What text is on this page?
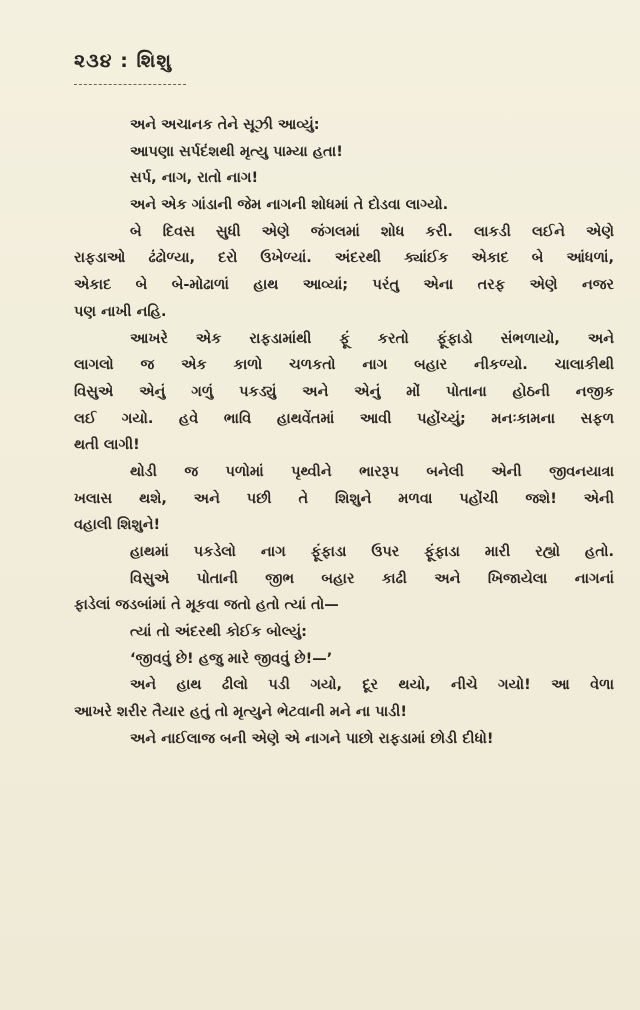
૨૩૪ : શિશુ
અને અચાનક તેને સૂઝી આવ્યું:
આપણા સર્પદંશથી મૃત્યુ પામ્યા હતા!
સર્પ, નાગ, રાતો નાગ!
અને એક ગાંડાની જેમ નાગની શોધમાં તે દોડવા લાગ્યો.
બે દિવસ સુધી એણે જંગલમાં શોધ કરી. લાકડી લઈને એણે
રાફડાઓ ઢંઢોળ્યા, દરો ઉખેળ્યાં. અંદરથી ક્યાંઈક એકાદ બે આંધળાં,
એકાદ બે બે-મોઢાળાં હાથ આવ્યાં; પરંતુ એના તરફ એણે નજર
પણ નાખી નહિ.
આખરે એક રાફડામાંથી ફૂં કરતો ફૂંફાડો સંભળાયો, અને
લાગલો જ એક કાળો ચળકતો નાગ બહાર નીકળ્યો. ચાલાકીથી
વિસુએ એનું ગળું પકડ્યું અને એનું મોં પોતાના હોઠની નજીક
લઈ ગયો. હવે ભાવિ હાથવેંતમાં આવી પહોંચ્યું; મનઃકામના સફળ
થતી લાગી!
થોડી જ પળોમાં પૃથ્વીને ભારરૂપ બનેલી એની જીવનયાત્રા
ખલાસ થશે, અને પછી તે શિશુને મળવા પહોંચી જશે! એની
વહાલી શિશુને!
હાથમાં પકડેલો નાગ ફૂંફાડા ઉપર ફૂંફાડા મારી રહ્યો હતો.
વિસુએ પોતાની જીભ બહાર કાઢી અને ખિજાયેલા નાગનાં
ફાડેલાં જડબાંમાં તે મૂકવા જતો હતો ત્યાં તો—
ત્યાં તો અંદરથી કોઈક બોલ્યું:
‘જીવવું છે! હજુ મારે જીવવું છે!—’
અને હાથ ઢીલો પડી ગયો, દૂર થયો, નીચે ગયો! આ વેળા
આખરે શરીર તૈયાર હતું તો મૃત્યુને ભેટવાની મને ના પાડી!
અને નાઈલાજ બની એણે એ નાગને પાછો રાફડામાં છોડી દીધો!
